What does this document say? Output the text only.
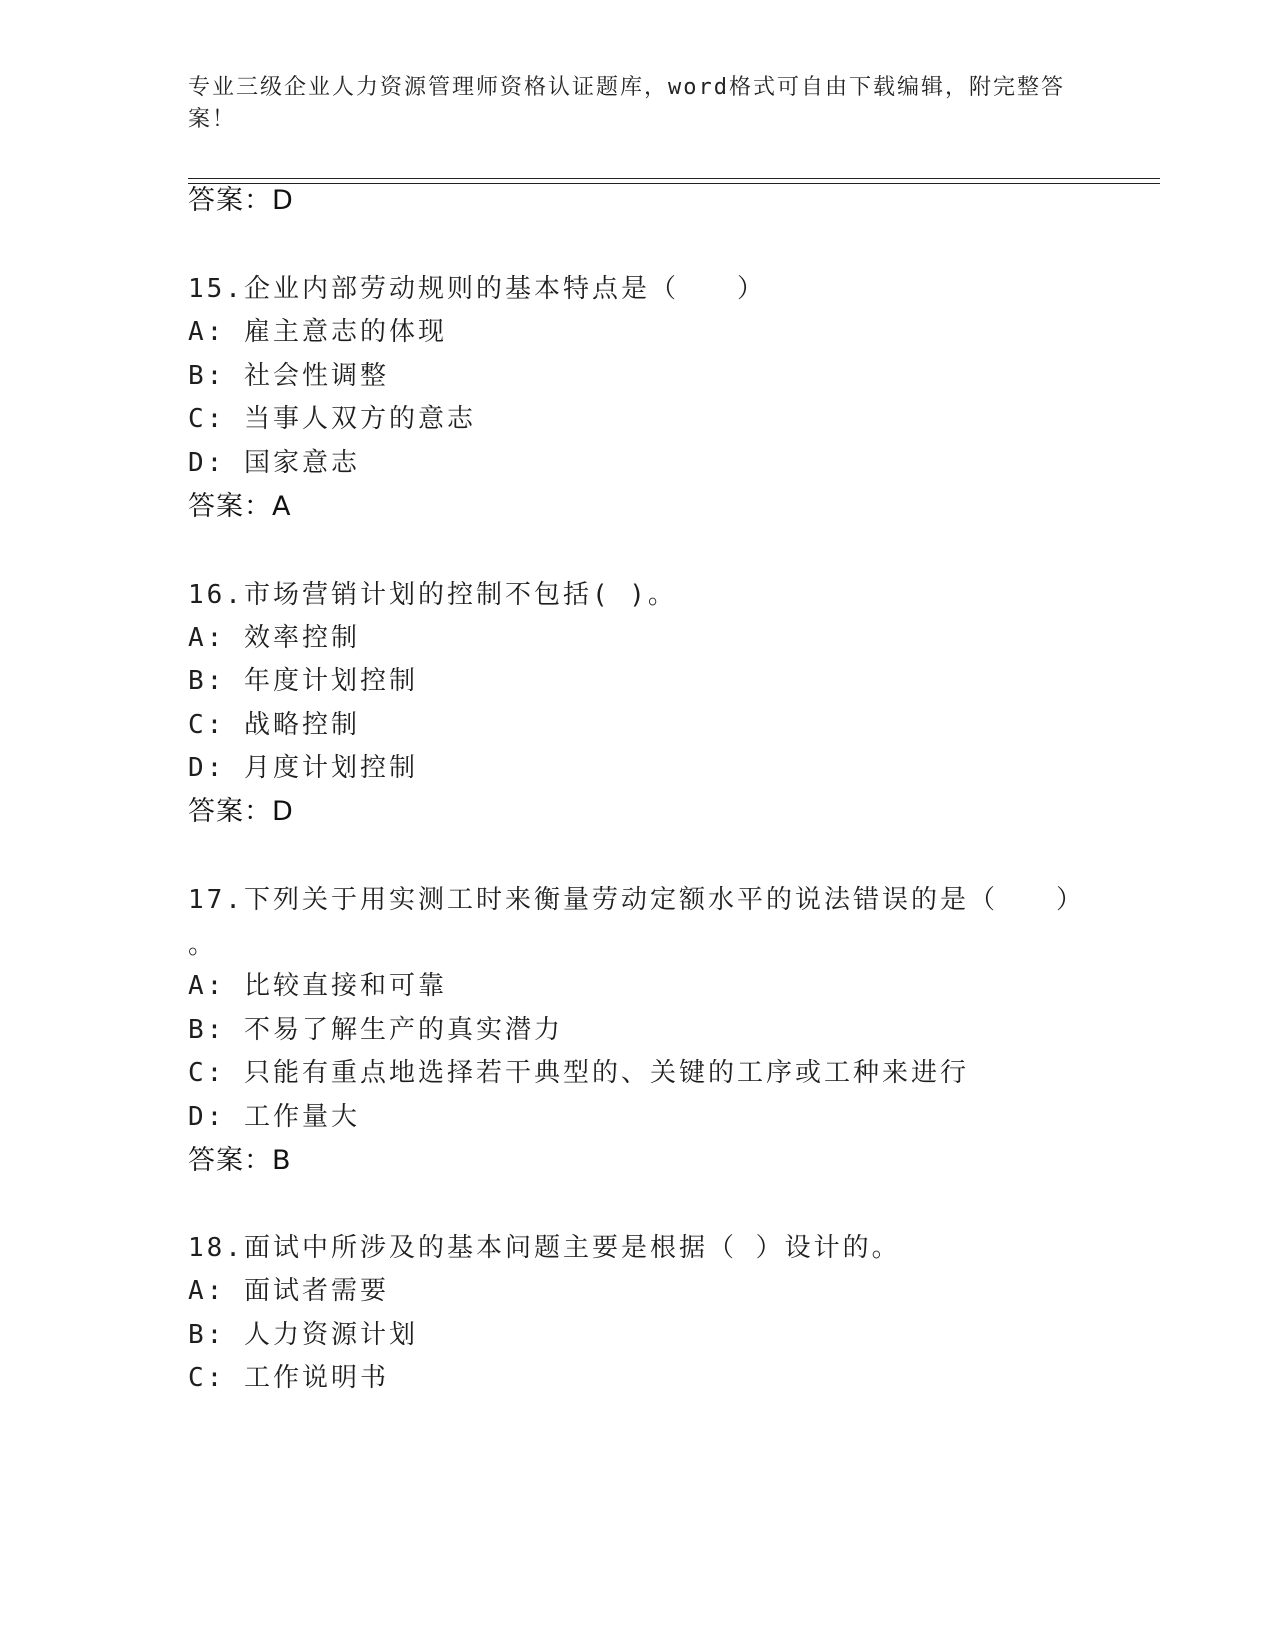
专业三级企业人力资源管理师资格认证题库，word格式可自由下载编辑，附完整答案！
答案：D
15.企业内部劳动规则的基本特点是（　　）
A: 雇主意志的体现
B: 社会性调整
C: 当事人双方的意志
D: 国家意志
答案：A
16.市场营销计划的控制不包括( )。
A: 效率控制
B: 年度计划控制
C: 战略控制
D: 月度计划控制
答案：D
17.下列关于用实测工时来衡量劳动定额水平的说法错误的是（　　）
。
A: 比较直接和可靠
B: 不易了解生产的真实潜力
C: 只能有重点地选择若干典型的、关键的工序或工种来进行
D: 工作量大
答案：B
18.面试中所涉及的基本问题主要是根据（ ）设计的。
A: 面试者需要
B: 人力资源计划
C: 工作说明书
